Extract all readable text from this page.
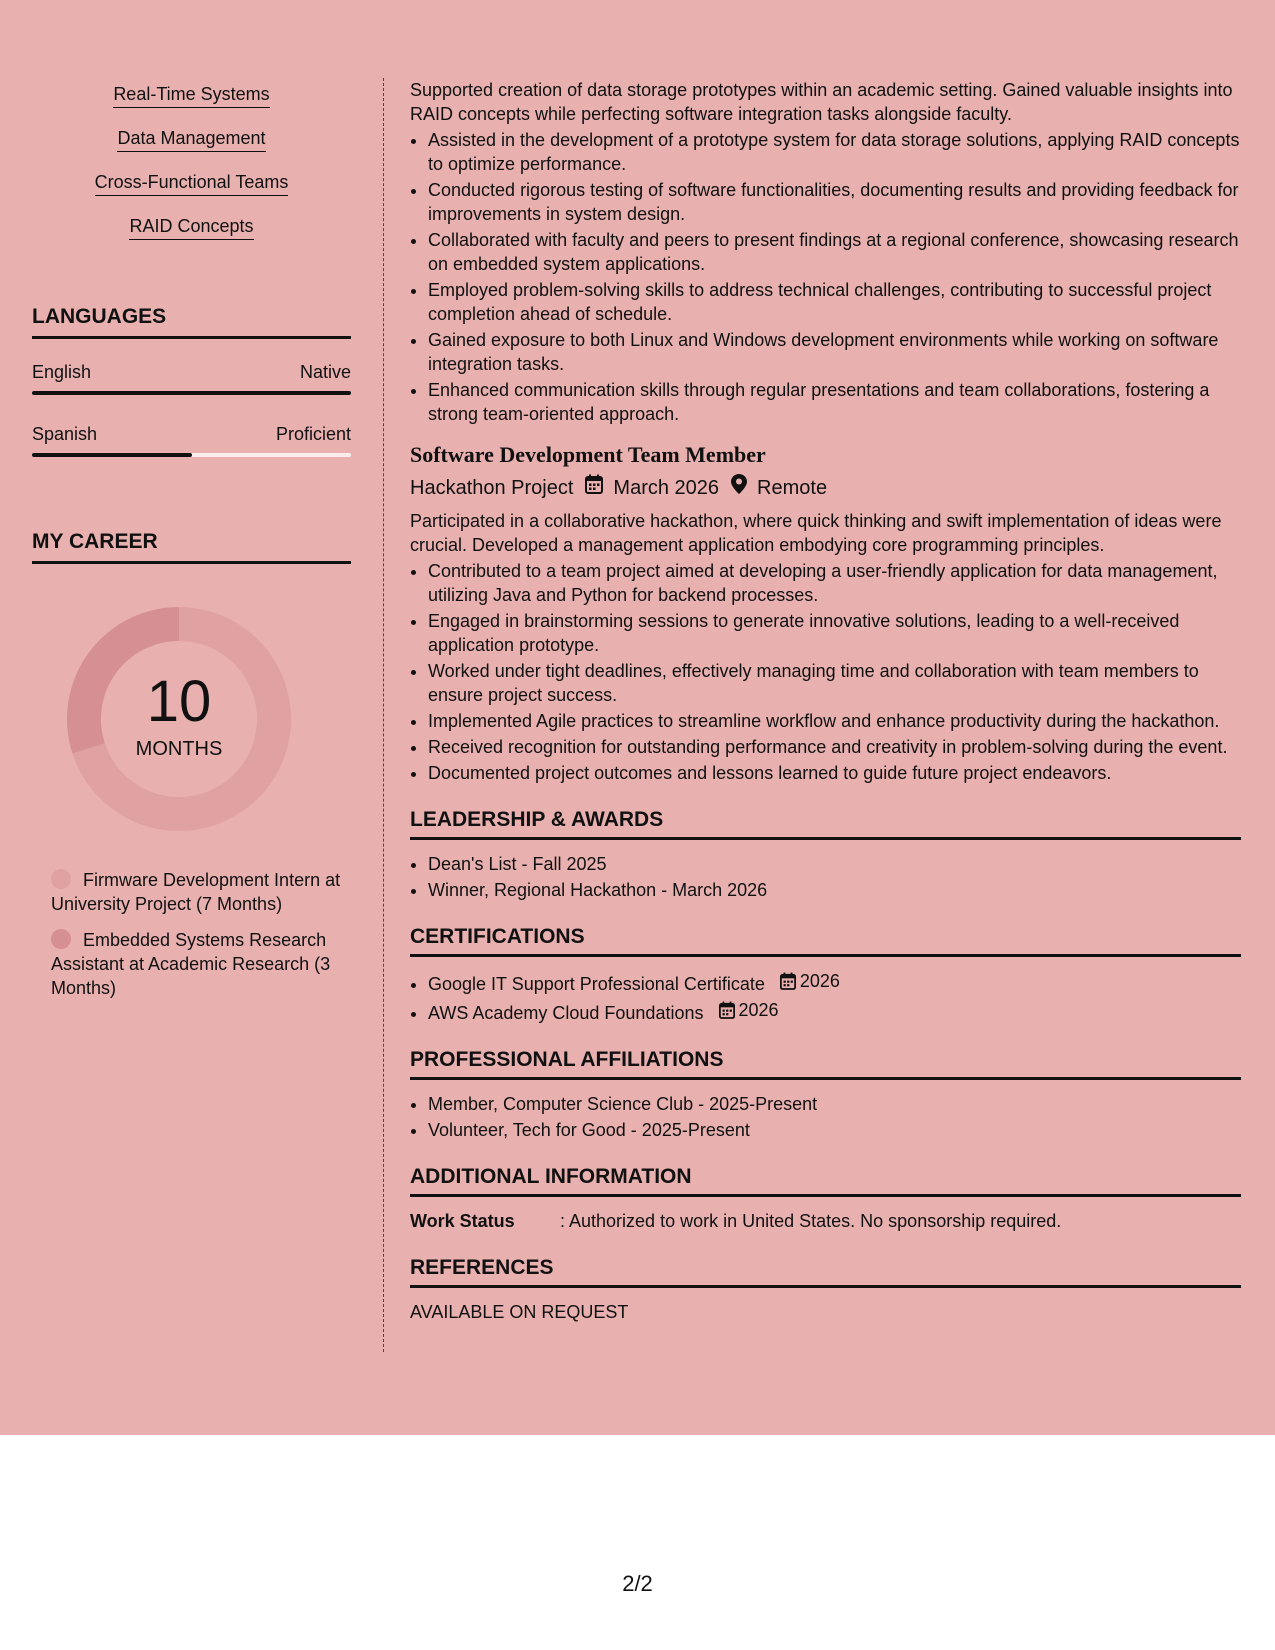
Real-Time Systems
Data Management
Cross-Functional Teams
RAID Concepts
LANGUAGES
English	Native
Spanish	Proficient
MY CAREER
10
MONTHS
Firmware Development Intern at University Project (7 Months)
Embedded Systems Research Assistant at Academic Research (3 Months)

Supported creation of data storage prototypes within an academic setting. Gained valuable insights into RAID concepts while perfecting software integration tasks alongside faculty.

• Assisted in the development of a prototype system for data storage solutions, applying RAID concepts to optimize performance.
• Conducted rigorous testing of software functionalities, documenting results and providing feedback for improvements in system design.
• Collaborated with faculty and peers to present findings at a regional conference, showcasing research on embedded system applications.
• Employed problem-solving skills to address technical challenges, contributing to successful project completion ahead of schedule.
• Gained exposure to both Linux and Windows development environments while working on software integration tasks.
• Enhanced communication skills through regular presentations and team collaborations, fostering a strong team-oriented approach.
Software Development Team Member
Hackathon Project March 2026 Remote

Participated in a collaborative hackathon, where quick thinking and swift implementation of ideas were crucial. Developed a management application embodying core programming principles.

• Contributed to a team project aimed at developing a user-friendly application for data management, utilizing Java and Python for backend processes.
• Engaged in brainstorming sessions to generate innovative solutions, leading to a well-received application prototype.
• Worked under tight deadlines, effectively managing time and collaboration with team members to ensure project success.
• Implemented Agile practices to streamline workflow and enhance productivity during the hackathon.
• Received recognition for outstanding performance and creativity in problem-solving during the event.
• Documented project outcomes and lessons learned to guide future project endeavors.
LEADERSHIP & AWARDS
• Dean's List - Fall 2025
• Winner, Regional Hackathon - March 2026
CERTIFICATIONS
• Google IT Support Professional Certificate 2026
• AWS Academy Cloud Foundations 2026
PROFESSIONAL AFFILIATIONS
• Member, Computer Science Club - 2025-Present
• Volunteer, Tech for Good - 2025-Present
ADDITIONAL INFORMATION
Work Status	: Authorized to work in United States. No sponsorship required.
REFERENCES
AVAILABLE ON REQUEST
2/2
